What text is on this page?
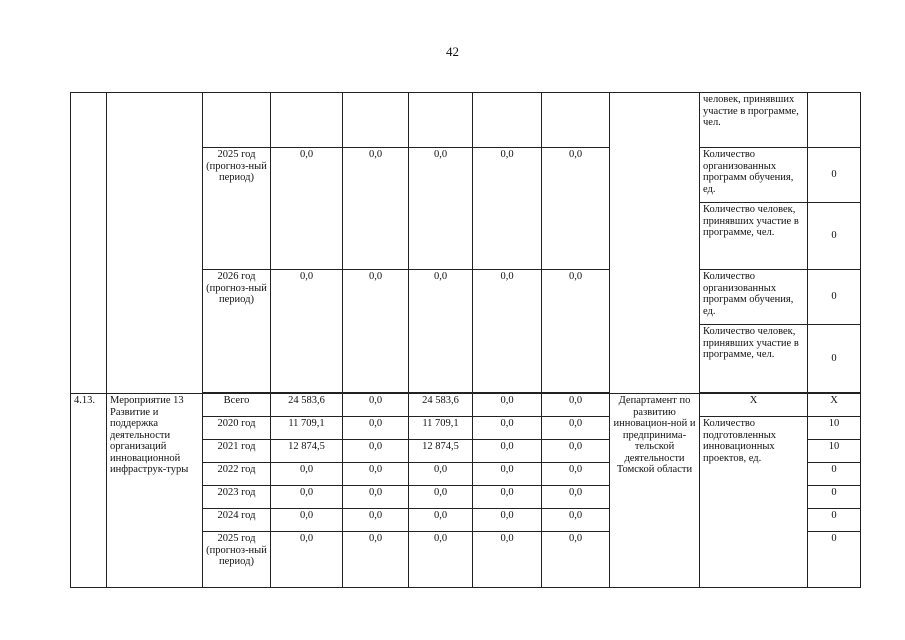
42
									человек, принявших участие в программе, чел.	
		2025 год (прогноз-ный период)	0,0	0,0	0,0	0,0	0,0		Количество организованных программ обучения, ед.	0
									Количество человек, принявших участие в программе, чел.	0
		2026 год (прогноз-ный период)	0,0	0,0	0,0	0,0	0,0		Количество организованных программ обучения, ед.	0
									Количество человек, принявших участие в программе, чел.	0

4.13.	Мероприятие 13 Развитие и поддержка деятельности организаций инновационной инфраструк-туры	Всего	24 583,6	0,0	24 583,6	0,0	0,0	Департамент по развитию инновацион-ной и предпринима-тельской деятельности Томской области	X	X
		2020 год	11 709,1	0,0	11 709,1	0,0	0,0		Количество подготовленных инновационных проектов, ед.	10
		2021 год	12 874,5	0,0	12 874,5	0,0	0,0			10
		2022 год	0,0	0,0	0,0	0,0	0,0			0
		2023 год	0,0	0,0	0,0	0,0	0,0			0
		2024 год	0,0	0,0	0,0	0,0	0,0			0
		2025 год (прогноз-ный период)	0,0	0,0	0,0	0,0	0,0			0
